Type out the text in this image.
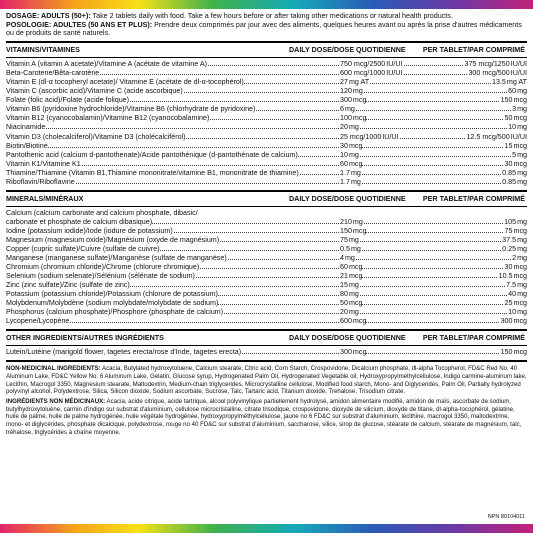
DOSAGE: ADULTS (50+): Take 2 tablets daily with food. Take a few hours before or after taking other medications or natural health products.

POSOLOGIE: ADULTES (50 ANS ET PLUS): Prendre deux comprimés par jour avec des aliments, quelques heures avant ou après la prise d'autres médicaments ou de produits de santé naturels.

VITAMINS/VITAMINES	DAILY DOSE/DOSE QUOTIDIENNE PER TABLET/PAR COMPRIMÉ
Vitamin A (vitamin A acetate)/Vitamine A (acétate de vitamine A)	750 mcg/2500IU/UI	375 mcg/1250IU/UI
Beta-Carotene/Bêta-carotène	600 mcg/1000IU/UI	300 mcg/500IU/UI
Vitamin E (dl-α tocopheryl acetate)/ Vitamine E (acétate de dl-α-tocophérol)	27mg AT	13.5mg AT
Vitamin C (ascorbic acid)/Vitamine C (acide ascorbique)	120mg	60mg
Folate (folic acid)/Folate (acide folique)	300mcg	150mcg
Vitamin B6 (pyridoxine hydrochloride)/Vitamine B6 (chlorhydrate de pyridoxine)	6mg	3mg
Vitamin B12 (cyanocobalamin)/Vitamine B12 (cyanocobalamine)	100mcg	50mcg
Niacinamide	20mg	10mg
Vitamin D3 (cholecalciferol)/Vitamine D3 (cholécalciférol)	25 mcg/1000IU/UI	12.5 mcg/500IU/UI
Biotin/Biotine	30mcg	15mcg
Pantothenic acid (calcium d-pantothenate)/Acide pantothénique (d-pantothénate de calcium)	10mg	5mg
Vitamin K1/Vitamine K1	60mcg	30mcg
Thiamine/Thiamine (Vitamin B1,Thiamine mononitrate/vitamine B1, mononitrate de thiamine)	1.7mg	0.85mg
Riboflavin/Riboflavine	1.7mg	0.85mg
MINERALS/MINÉRAUX	DAILY DOSE/DOSE QUOTIDIENNE PER TABLET/PAR COMPRIMÉ
Calcium (calcium carbonate and calcium phosphate, dibasic/
carbonate et phosphate de calcium dibasique)	210mg	105mg
Iodine (potassium iodide)/Iode (iodure de potassium)	150mcg	75mcg
Magnesium (magnesium oxide)/Magnésium (oxyde de magnésium)	75mg	37.5mg
Copper (cupric sulfate)/Cuivre (sulfate de cuivre)	0.5mg	0.25mg
Manganese (manganese sulfate)/Manganèse (sulfate de manganèse)	4mg	2mg
Chromium (chromium chloride)/Chrome (chlorure chromique)	60mcg	30mcg
Selenium (sodium selenate)/Sélénium (sélénate de sodium)	21mcg	10.5mcg
Zinc (zinc sulfate)/Zinc (sulfate de zinc)	15mg	7.5mg
Potassium (potassium chloride)/Potassium (chlorure de potassium)	80mg	40mg
Molybdenum/Molybdène (sodium molybdate/molybdate de sodium)	50mcg	25mcg
Phosphorus (calcium phosphate)/Phosphore (phosphate de calcium)	20mg	10mg
Lycopene/Lycopène	600mcg	300mcg
OTHER INGREDIENTS/AUTRES INGRÉDIENTS	DAILY DOSE/DOSE QUOTIDIENNE PER TABLET/PAR COMPRIMÉ
Lutein/Lutéine (marigold flower, tagetes erecta/rose d'Inde, tagetes erecta)	300mcg	150mcg

NON-MEDICINAL INGREDIENTS: Acacia, Butylated hydroxytoluene, Calcium stearate, Citric acid, Corn Starch, Crospovidone, Dicalcium phosphate, dl-alpha Tocopherol, FD&C Red No. 40 Aluminum Lake, FD&C Yellow No. 6 Aluminum Lake, Gelatin, Glucose syrup, Hydrogenated Palm Oil, Hydrogenated Vegetable oil, Hydroxypropylmethylcellulose, Indigo carmine-aluminum lake, Lecithin, Macrogol 3350, Magnesium stearate, Maltodextrin, Medium-chain triglycerides, Microcrystalline cellulose, Modified food starch, Mono- and Diglycerides, Palm Oil, Partially hydrolyzed polyvinyl alcohol, Polydextrose, Silica, Silicon dioxide, Sodium ascorbate, Sucrose, Talc, Tartaric acid, Titanium dioxide, Trehalose, Trisodium citrate.

INGRÉDIENTS NON MÉDICINAUX: Acacia, acide citrique, acide tartrique, alcool polyvinylique partiellement hydrolysé, amidon alimentaire modifié, amidon de maïs, ascorbate de sodium, butylhydroxytoluène, carmin d'indigo sur substrat d'aluminium, cellulose microcristalline, citrate trisodique, crospovidone, dioxyde de silicium, dioxyde de titane, dl-alpha-tocophérol, gélatine, huile de palme, huile de palme hydrogénée, huile végétale hydrogénée, hydroxypropylméthylcellulose, jaune no 6 FD&C sur substrat d'aluminium, lécithine, macrogol 3350, maltodextrine, mono- et diglycérides, phosphate dicalcique, polydextrose, rouge no 40 FD&C sur substrat d'aluminium, saccharose, silice, sirop de glucose, stéarate de calcium, stéarate de magnésium, talc, tréhalose, triglycérides à chaîne moyenne.

NPN 80104011
